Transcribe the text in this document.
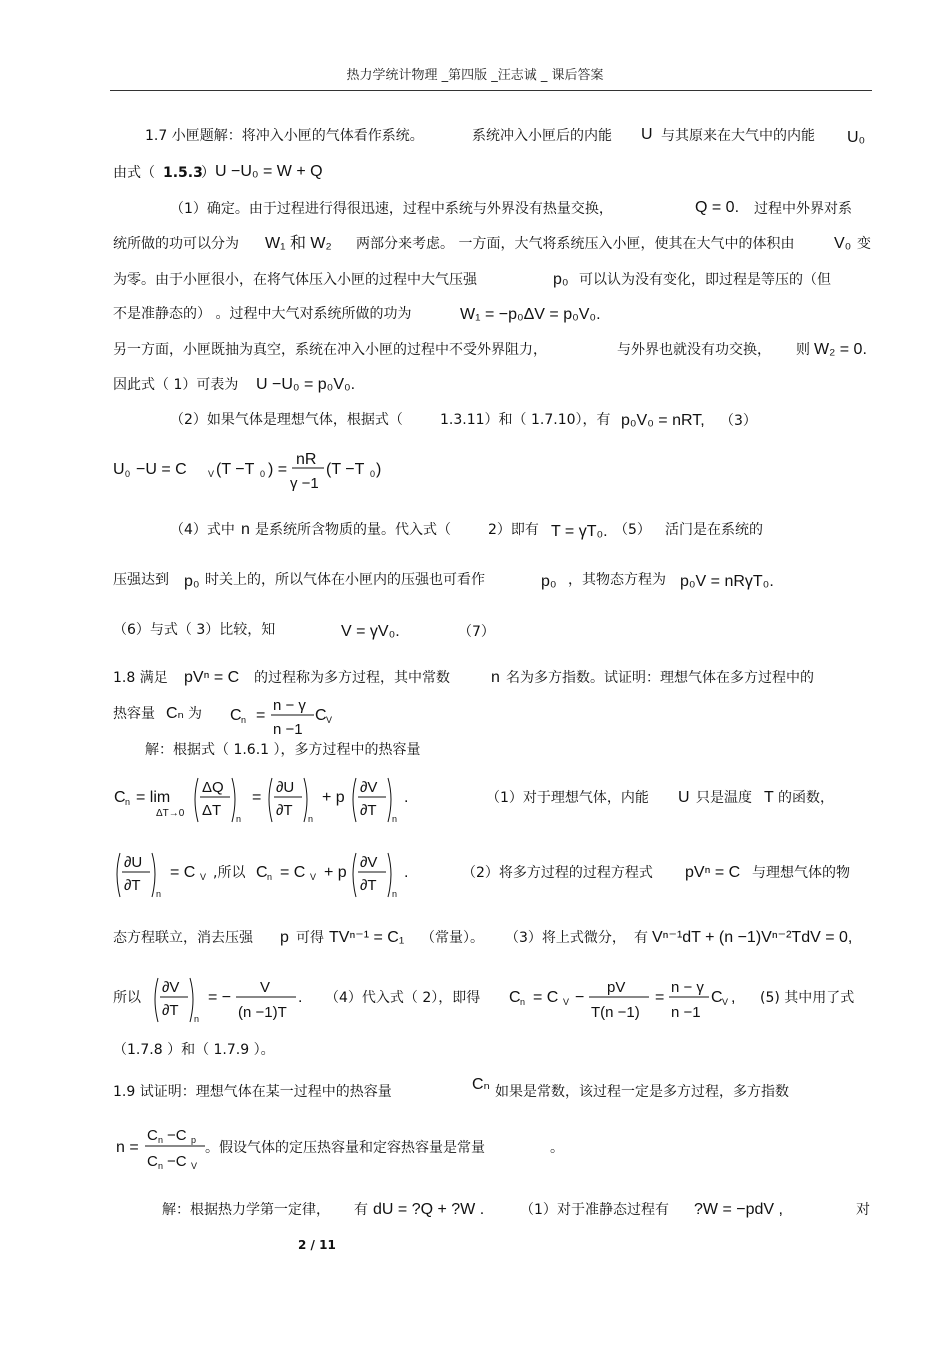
热力学统计物理 _第四版 _汪志诚 _ 课后答案
1.7 小匣题解：将冲入小匣的气体看作系统。	系统冲入小匣后的内能 U 与其原来在大气中的内能 U₀
由式（ 1.5.3
） U −U₀ = W + Q
（1）确定。由于过程进行得很迅速，过程中系统与外界没有热量交换，	Q = 0. 过程中外界对系
统所做的功可以分为 W₁ 和 W₂ 两部分来考虑。 一方面，大气将系统压入小匣，使其在大气中的体积由 V₀ 变
为零。由于小匣很小，在将气体压入小匣的过程中大气压强	p₀ 可以认为没有变化，即过程是等压的（但
不是准静态的） 。过程中大气对系统所做的功为	W₁ = −p₀ΔV = p₀V₀.
另一方面，小匣既抽为真空，系统在冲入小匣的过程中不受外界阻力，	与外界也就没有功交换， 则 W₂ = 0.
因此式（ 1）可表为 U −U₀ = p₀V₀.
（2）如果气体是理想气体，根据式（	1.3.11）和（ 1.7.10），有 p₀V₀ = nRT, （3）
U 0 −U = C V (T −T 0 ) =
nR
γ −1
(T −T 0 )
（4）式中 n 是系统所含物质的量。代入式（	2）即有 T = γT₀. （5） 活门是在系统的
压强达到 p₀ 时关上的，所以气体在小匣内的压强也可看作	p₀ ，其物态方程为 p₀V = nRγT₀.
（6）与式（ 3）比较，知	V = γV₀.	（7）
1.8 满足 pVⁿ = C 的过程称为多方过程，其中常数	n 名为多方指数。试证明：理想气体在多方过程中的
热容量 Cₙ 为 C n =
n − γ
n −1
C V
解：根据式（ 1.6.1 ），多方过程中的热容量
C n = lim
ΔT→0
ΔQ
ΔT n
=
∂U
∂T n
+ p
∂V
∂T n
.	（1）对于理想气体，内能 U 只是温度 T 的函数，
∂U
∂T n
= C V ,所以 C n = C V + p
∂V
∂T n
.	（2）将多方过程的过程方程式 pVⁿ = C 与理想气体的物
态方程联立，消去压强 p 可得 TVⁿ⁻¹ = C₁ （常量）。 （3）将上式微分， 有 Vⁿ⁻¹dT + (n −1)Vⁿ⁻²TdV = 0,
所以
∂V
∂T n
= −
V
(n −1)T
. （4）代入式（ 2），即得 C n = C V −
pV
T(n −1)
=
n − γ
n −1
C V , (5) 其中用了式
（1.7.8 ）和（ 1.7.9 ）。
1.9 试证明：理想气体在某一过程中的热容量	Cₙ 如果是常数，该过程一定是多方过程，多方指数
n =
C n −C p
C n −C V
。假设气体的定压热容量和定容热容量是常量	。
解：根据热力学第一定律， 有 dU = ?Q + ?W .	（1） 对于准静态过程有 ?W = −pdV ,	对
2 / 11
